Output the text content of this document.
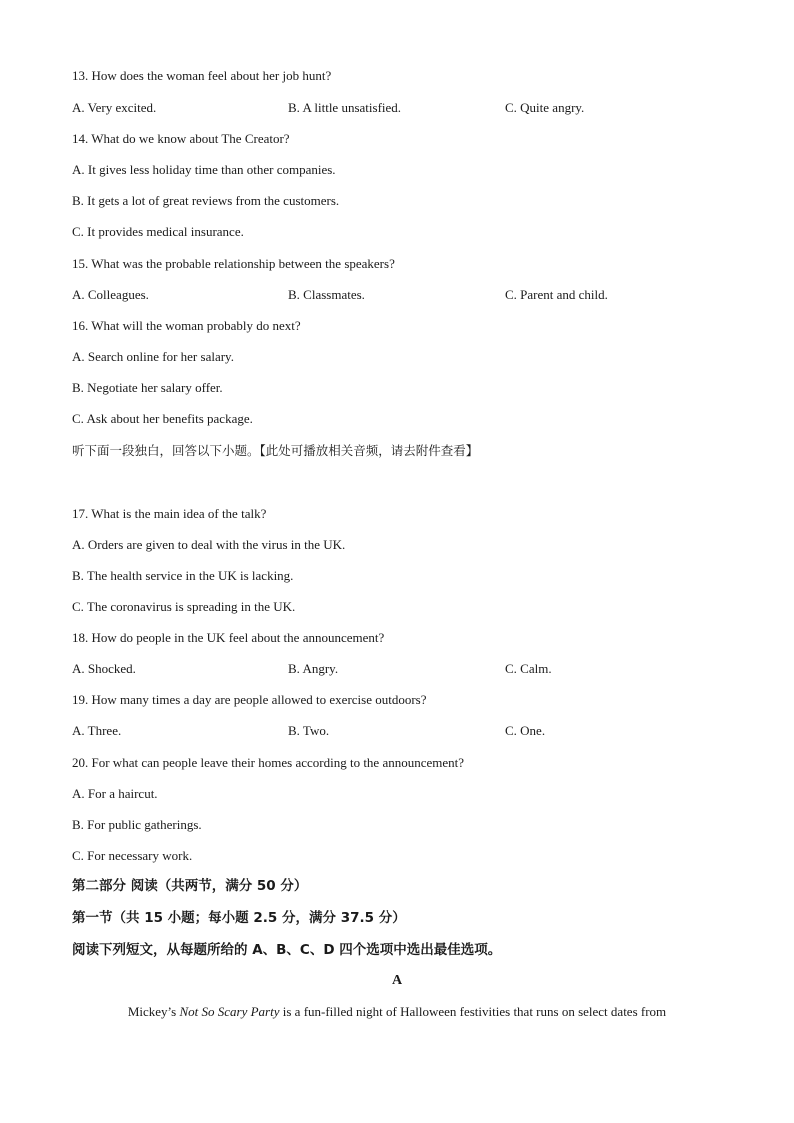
13. How does the woman feel about her job hunt?
A. Very excited.	B. A little unsatisfied.	C. Quite angry.
14. What do we know about The Creator?
A. It gives less holiday time than other companies.
B. It gets a lot of great reviews from the customers.
C. It provides medical insurance.
15. What was the probable relationship between the speakers?
A. Colleagues.	B. Classmates.	C. Parent and child.
16. What will the woman probably do next?
A. Search online for her salary.
B. Negotiate her salary offer.
C. Ask about her benefits package.
听下面一段独白，回答以下小题。【此处可播放相关音频，请去附件查看】
17. What is the main idea of the talk?
A. Orders are given to deal with the virus in the UK.
B. The health service in the UK is lacking.
C. The coronavirus is spreading in the UK.
18. How do people in the UK feel about the announcement?
A. Shocked.	B. Angry.	C. Calm.
19. How many times a day are people allowed to exercise outdoors?
A. Three.	B. Two.	C. One.
20. For what can people leave their homes according to the announcement?
A. For a haircut.
B. For public gatherings.
C. For necessary work.
第二部分 阅读（共两节，满分 50 分）
第一节（共 15 小题；每小题 2.5 分，满分 37.5 分）
阅读下列短文，从每题所给的 A、B、C、D 四个选项中选出最佳选项。
A
Mickey’s Not So Scary Party is a fun-filled night of Halloween festivities that runs on select dates from
